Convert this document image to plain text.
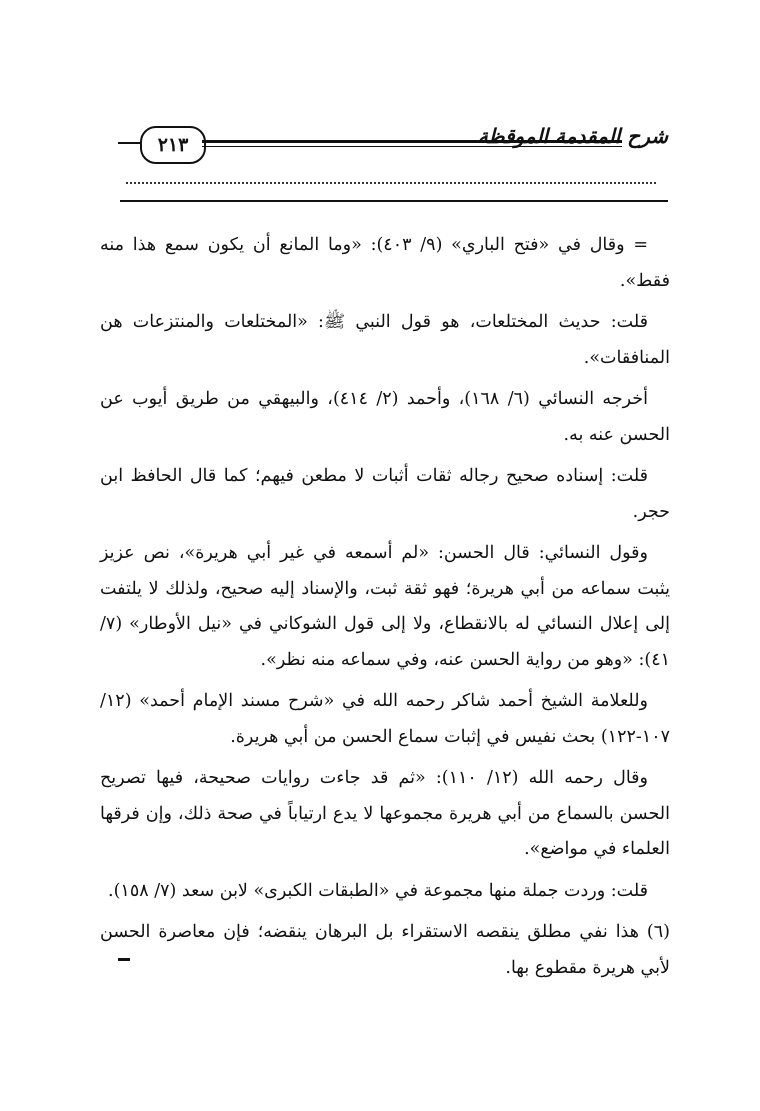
٢١٣	شرح المقدمة الموقظة

= وقال في «فتح الباري» (٩/ ٤٠٣): «وما المانع أن يكون سمع هذا منه فقط».

قلت: حديث المختلعات، هو قول النبي ﷺ: «المختلعات والمنتزعات هن المنافقات».

أخرجه النسائي (٦/ ١٦٨)، وأحمد (٢/ ٤١٤)، والبيهقي من طريق أيوب عن الحسن عنه به.

قلت: إسناده صحيح رجاله ثقات أثبات لا مطعن فيهم؛ كما قال الحافظ ابن حجر.

وقول النسائي: قال الحسن: «لم أسمعه في غير أبي هريرة»، نص عزيز يثبت سماعه من أبي هريرة؛ فهو ثقة ثبت، والإسناد إليه صحيح، ولذلك لا يلتفت إلى إعلال النسائي له بالانقطاع، ولا إلى قول الشوكاني في «نيل الأوطار» (٧/ ٤١): «وهو من رواية الحسن عنه، وفي سماعه منه نظر».

وللعلامة الشيخ أحمد شاكر رحمه الله في «شرح مسند الإمام أحمد» (١٢/ ١٠٧-١٢٢) بحث نفيس في إثبات سماع الحسن من أبي هريرة.

وقال رحمه الله (١٢/ ١١٠): «ثم قد جاءت روايات صحيحة، فيها تصريح الحسن بالسماع من أبي هريرة مجموعها لا يدع ارتياباً في صحة ذلك، وإن فرقها العلماء في مواضع».

قلت: وردت جملة منها مجموعة في «الطبقات الكبرى» لابن سعد (٧/ ١٥٨).

(٦) هذا نفي مطلق ينقصه الاستقراء بل البرهان ينقضه؛ فإن معاصرة الحسن لأبي هريرة مقطوع بها.
